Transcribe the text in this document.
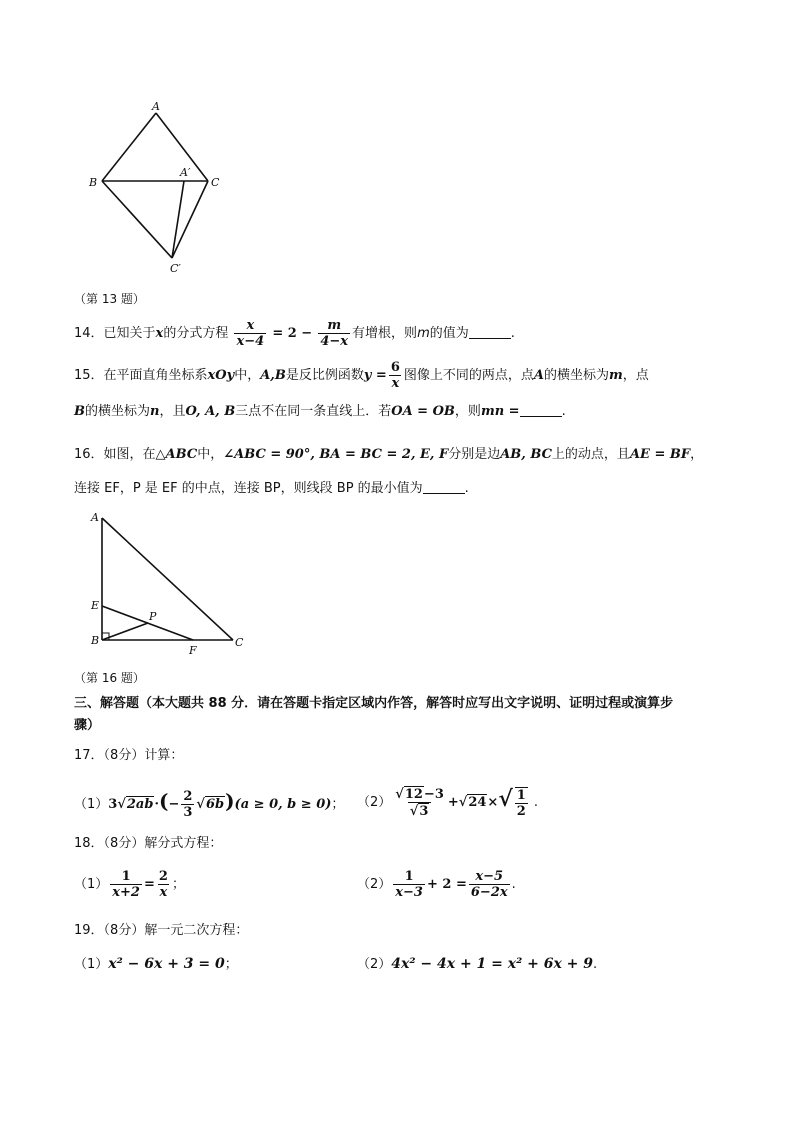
A
B	C
A′
C′
（第 13 题）
14．已知关于x的分式方程 $\frac{x}{x-4} = 2 - \frac{m}{4-x}$ 有增根，则m的值为	.
15．在平面直角坐标系xOy中，A,B是反比例函数$y = \frac{6}{x}$ 图像上不同的两点，点A的横坐标为m，点
B的横坐标为n，且O, A, B三点不在同一条直线上．若OA = OB，则mn =	.
16．如图，在△ABC中，∠ABC = 90°, BA = BC = 2, E, F分别是边AB, BC上的动点，且AE = BF，
连接 EF，P 是 EF 的中点，连接 BP，则线段 BP 的最小值为	.
A
E
P
B
F
C
（第 16 题）
三、解答题（本大题共 88 分．请在答题卡指定区域内作答，解答时应写出文字说明、证明过程或演算步
骤）
17．（8分）计算：
$(1)3√2ab\cdot(- \frac{2}{3} √6b)(a \ge 0$, b ≥ 0)； $(2) \frac{√12-3}{√3} +√24\times√ \frac{1}{2}$ .
18．（8分）解分式方程：
$(1) \frac{1}{x+2} = \frac{2}{x}$ ；	$(2) \frac{1}{x-3} + 2 = \frac{x-5}{6-2x}$ .
19．（8分）解一元二次方程：
（1）x² − 6x + 3 = 0；	（2）4x² − 4x + 1 = x² + 6x + 9.
